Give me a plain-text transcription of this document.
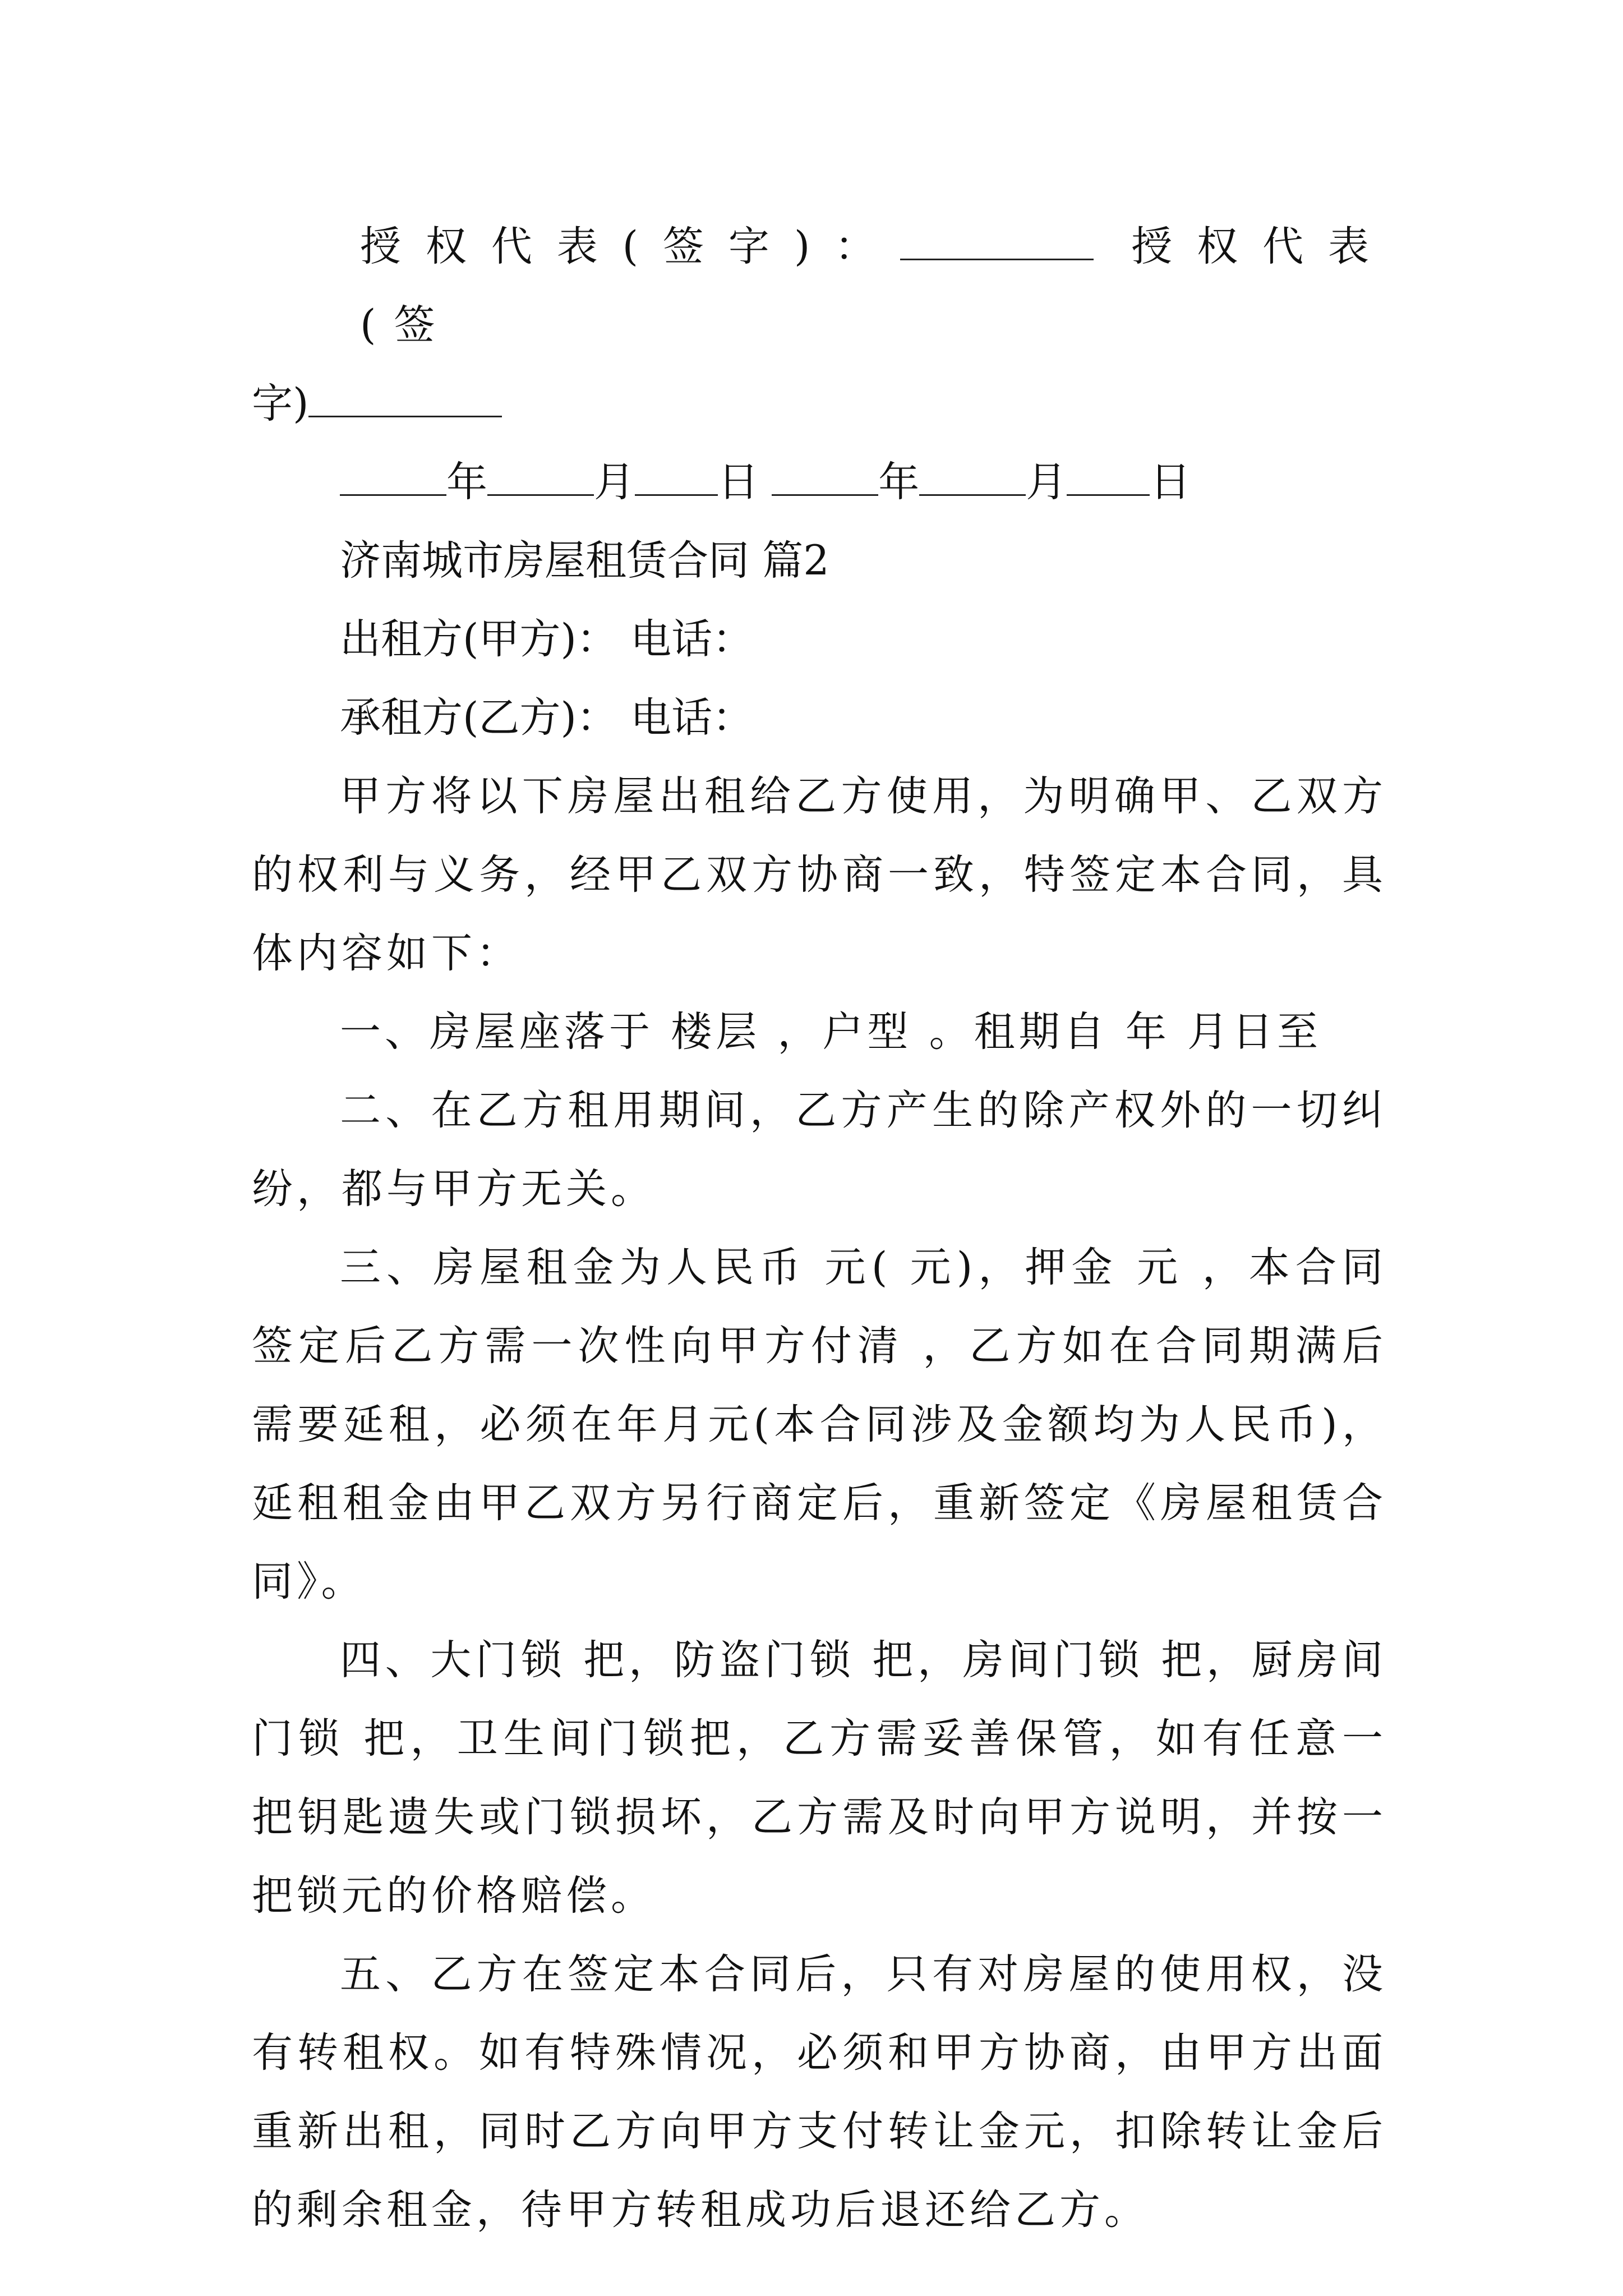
授权代表(签字)：	授权代表(签

字)

年	月 日	年	月 日

济南城市房屋租赁合同 篇2

出租方(甲方)： 电话：

承租方(乙方)： 电话：

甲方将以下房屋出租给乙方使用，为明确甲、乙双方的权利与义务，经甲乙双方协商一致，特签定本合同，具体内容如下：

一、房屋座落于 楼层 ，户型 。租期自 年 月日至

二、在乙方租用期间，乙方产生的除产权外的一切纠纷，都与甲方无关。

三、房屋租金为人民币 元( 元)，押金 元 ，本合同签定后乙方需一次性向甲方付清 ，乙方如在合同期满后需要延租，必须在年月元(本合同涉及金额均为人民币)，延租租金由甲乙双方另行商定后，重新签定《房屋租赁合同》。

四、大门锁 把，防盗门锁 把，房间门锁 把，厨房间门锁 把，卫生间门锁把，乙方需妥善保管，如有任意一把钥匙遗失或门锁损坏，乙方需及时向甲方说明，并按一把锁元的价格赔偿。

五、乙方在签定本合同后，只有对房屋的使用权，没有转租权。如有特殊情况，必须和甲方协商，由甲方出面重新出租，同时乙方向甲方支付转让金元，扣除转让金后的剩余租金，待甲方转租成功后退还给乙方。
